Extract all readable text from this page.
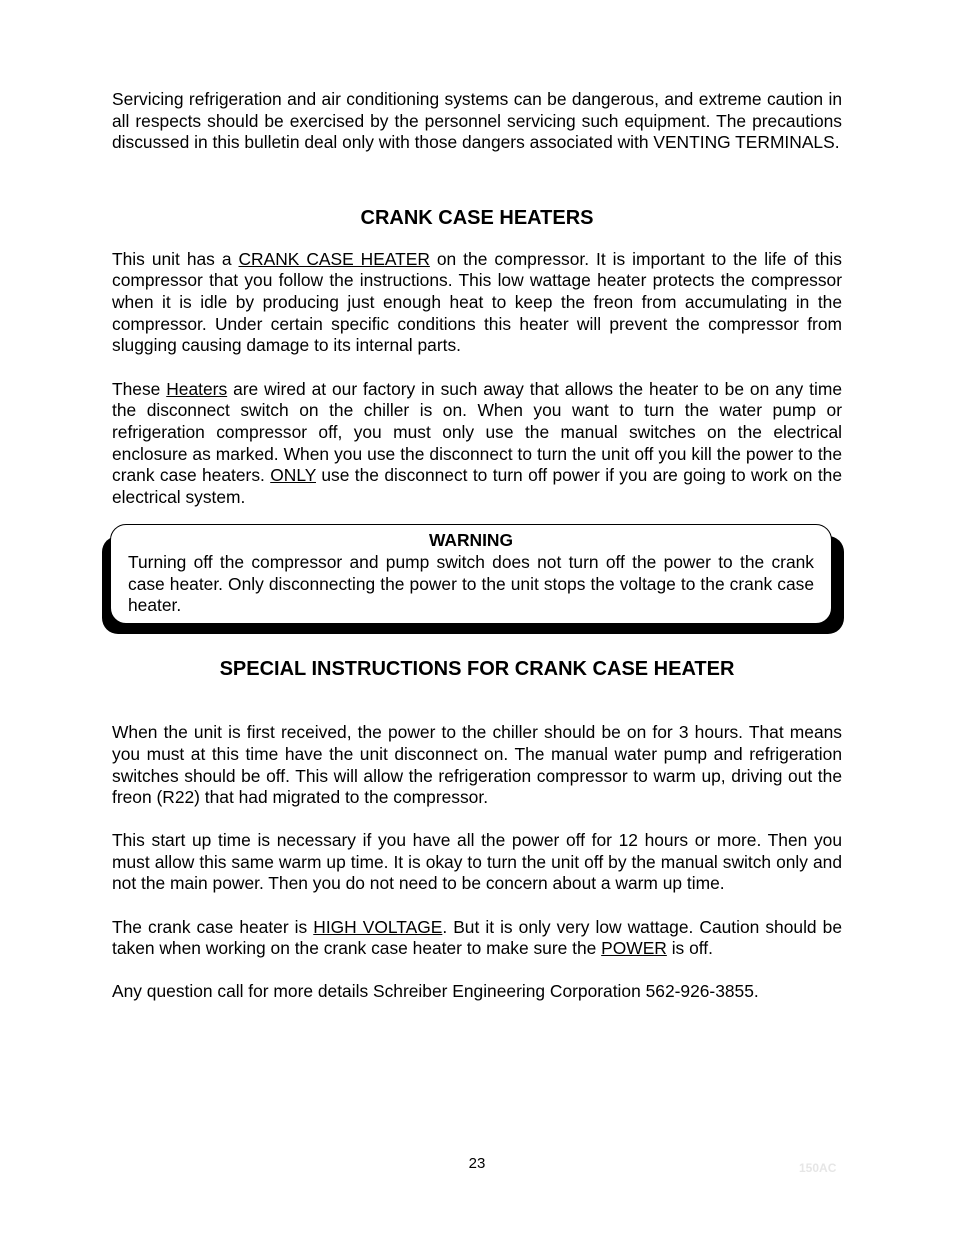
Servicing refrigeration and air conditioning systems can be dangerous, and extreme caution in all respects should be exercised by the personnel servicing such equipment. The precautions discussed in this bulletin deal only with those dangers associated with VENTING TERMINALS.

CRANK CASE HEATERS

This unit has a CRANK CASE HEATER on the compressor. It is important to the life of this compressor that you follow the instructions. This low wattage heater protects the compressor when it is idle by producing just enough heat to keep the freon from accumulating in the compressor. Under certain specific conditions this heater will prevent the compressor from slugging causing damage to its internal parts.

These Heaters are wired at our factory in such away that allows the heater to be on any time the disconnect switch on the chiller is on. When you want to turn the water pump or refrigeration compressor off, you must only use the manual switches on the electrical enclosure as marked. When you use the disconnect to turn the unit off you kill the power to the crank case heaters. ONLY use the disconnect to turn off power if you are going to work on the electrical system.

WARNING

Turning off the compressor and pump switch does not turn off the power to the crank case heater. Only disconnecting the power to the unit stops the voltage to the crank case heater.

SPECIAL INSTRUCTIONS FOR CRANK CASE HEATER

When the unit is first received, the power to the chiller should be on for 3 hours. That means you must at this time have the unit disconnect on. The manual water pump and refrigeration switches should be off. This will allow the refrigeration compressor to warm up, driving out the freon (R22) that had migrated to the compressor.

This start up time is necessary if you have all the power off for 12 hours or more. Then you must allow this same warm up time. It is okay to turn the unit off by the manual switch only and not the main power. Then you do not need to be concern about a warm up time.

The crank case heater is HIGH VOLTAGE. But it is only very low wattage. Caution should be taken when working on the crank case heater to make sure the POWER is off.

Any question call for more details Schreiber Engineering Corporation 562-926-3855.

23	150AC
